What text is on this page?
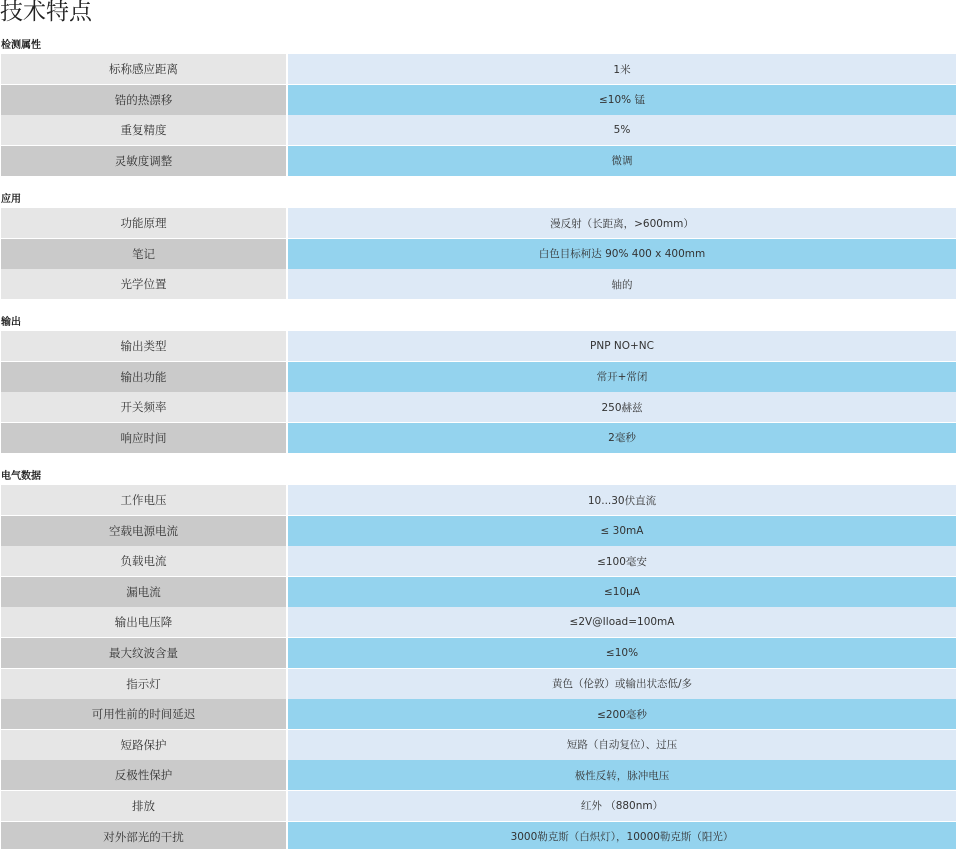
技术特点
检测属性
标称感应距离	1米
锆的热漂移	≤10% 锰
重复精度	5%
灵敏度调整	微调
应用
功能原理	漫反射（长距离，>600mm）
笔记	白色目标柯达 90% 400 x 400mm
光学位置	轴的
输出
输出类型	PNP NO+NC
输出功能	常开+常闭
开关频率	250赫兹
响应时间	2毫秒
电气数据
工作电压	10...30伏直流
空载电源电流	≤ 30mA
负载电流	≤100毫安
漏电流	≤10µA
输出电压降	≤2V@Iload=100mA
最大纹波含量	≤10%
指示灯	黄色（伦敦）或输出状态低/多
可用性前的时间延迟	≤200毫秒
短路保护	短路（自动复位）、过压
反极性保护	极性反转，脉冲电压
排放	红外 （880nm）
对外部光的干扰	3000勒克斯（白炽灯），10000勒克斯（阳光）
